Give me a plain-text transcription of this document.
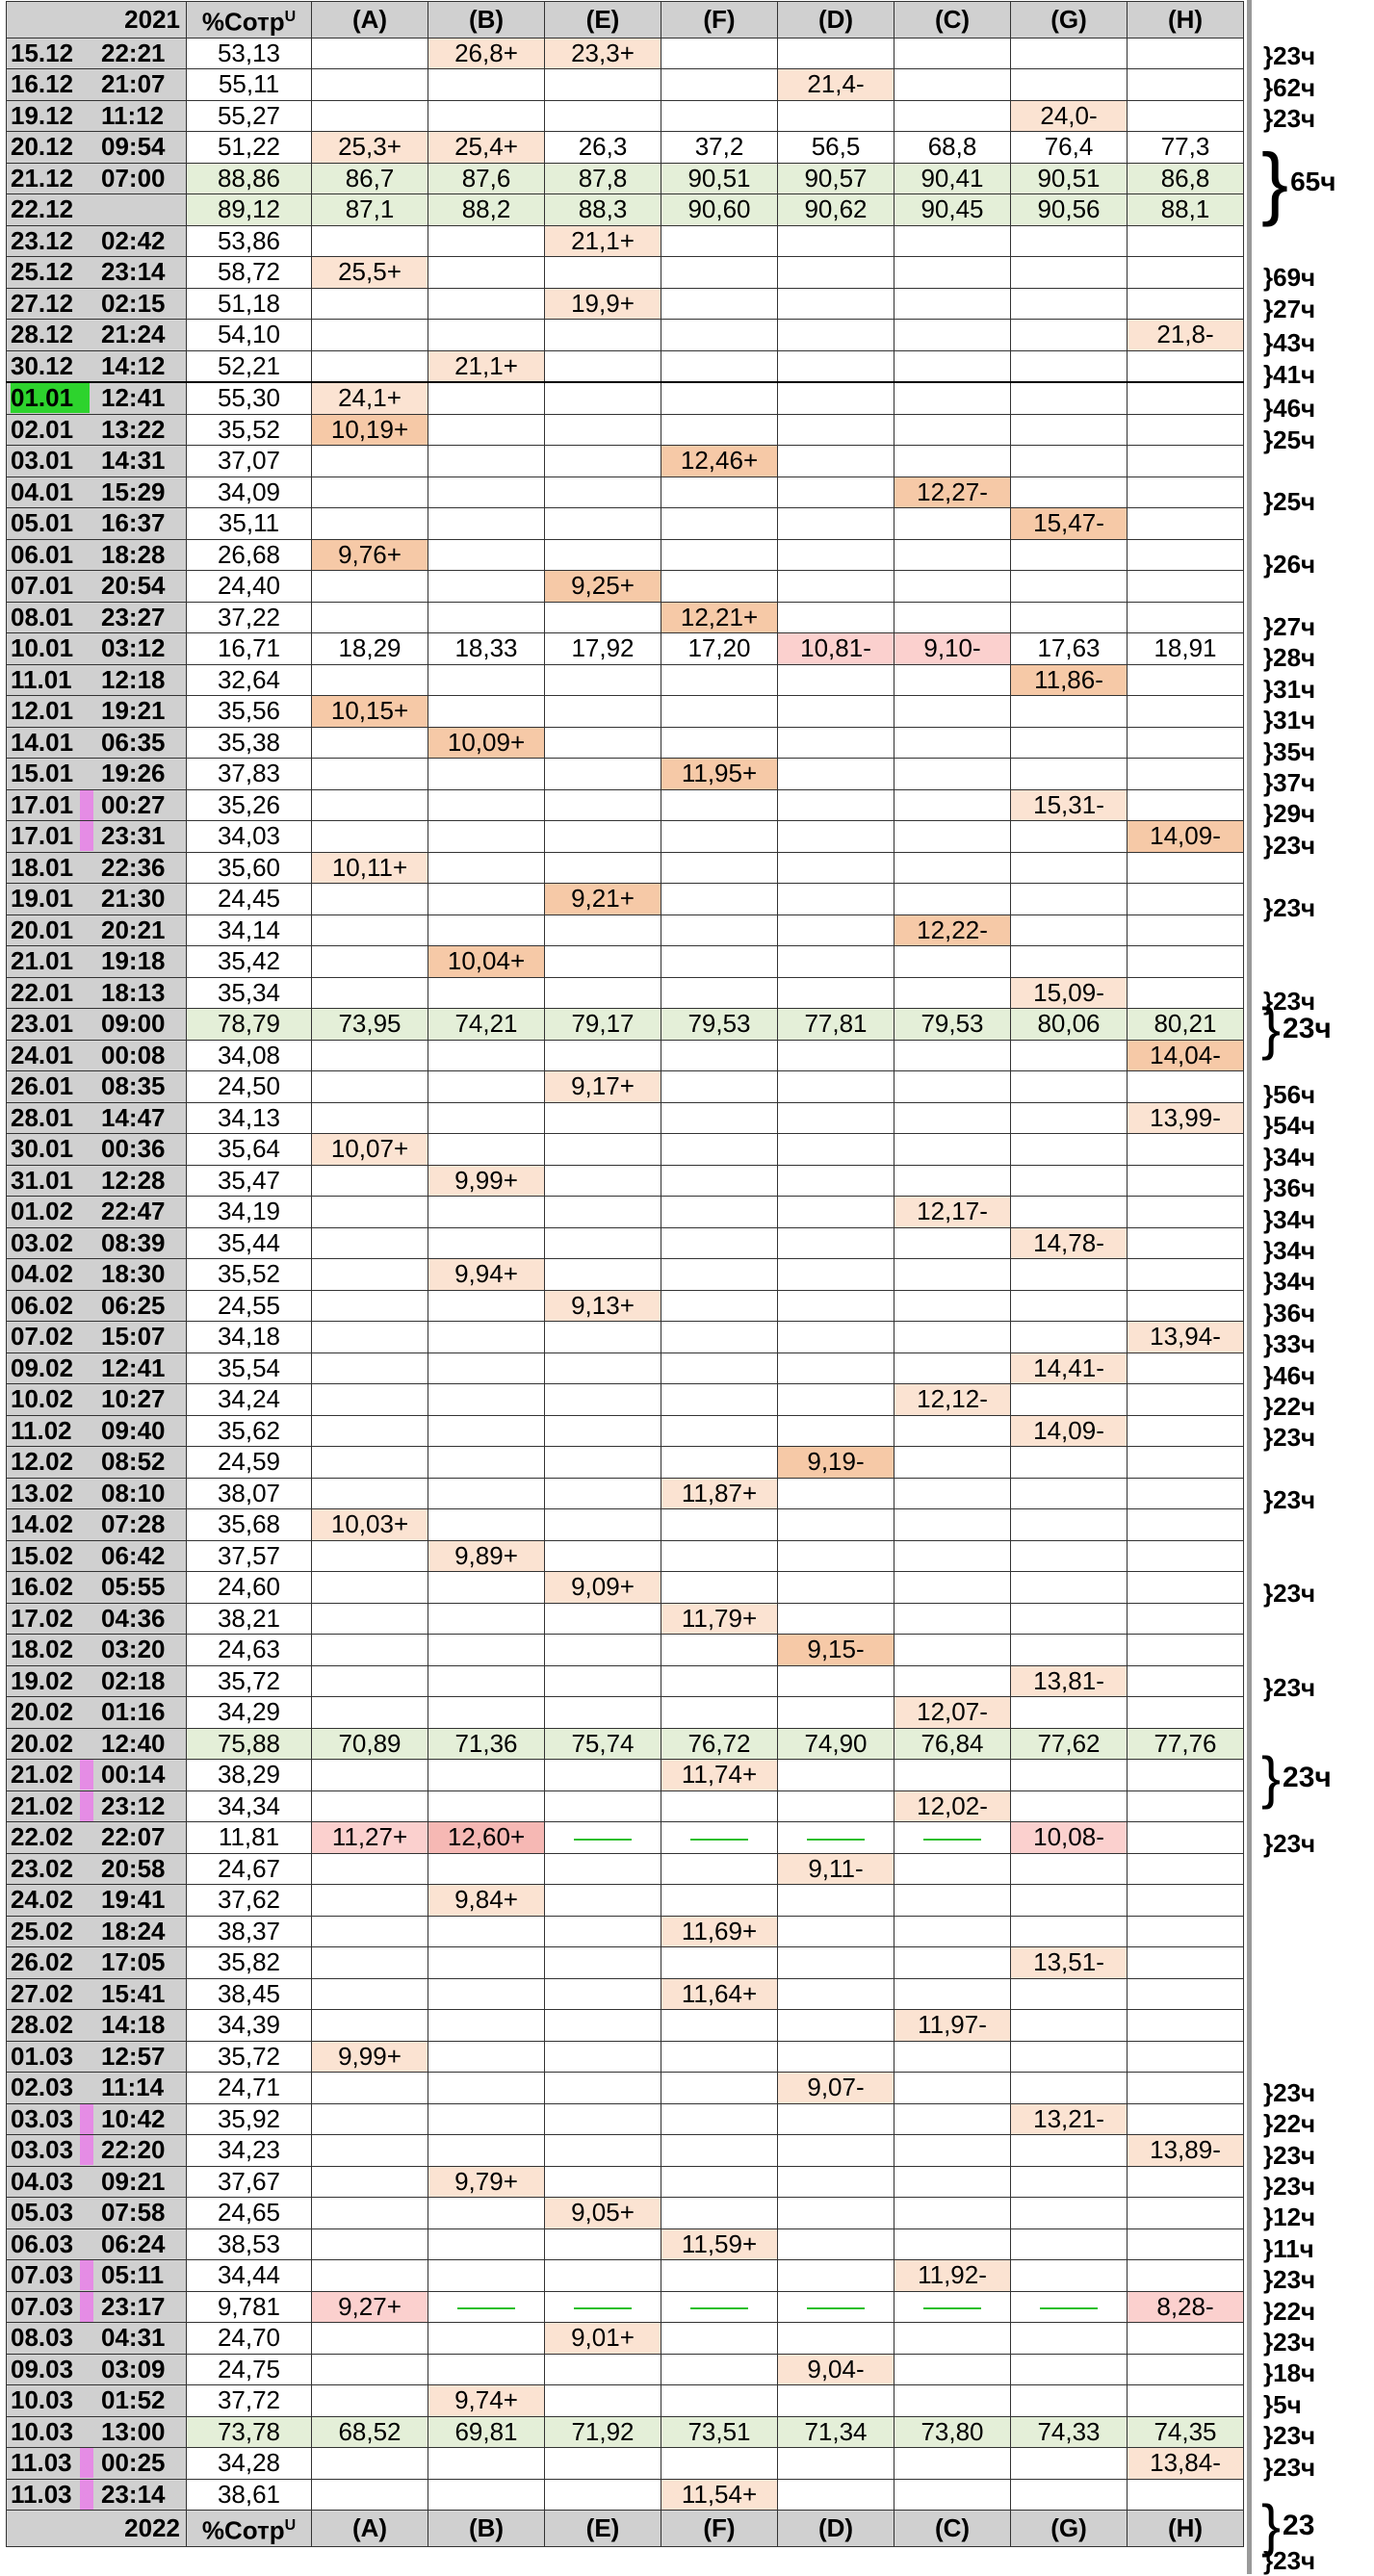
2021	%Сотр$^U$	(A)	(B)	(E)	(F)	(D)	(C)	(G)	(H)
15.12 22:21	53,13		26,8+	23,3+					
16.12 21:07	55,11					21,4-			
19.12 11:12	55,27							24,0-	
20.12 09:54	51,22	25,3+	25,4+	26,3	37,2	56,5	68,8	76,4	77,3
21.12 07:00	88,86	86,7	87,6	87,8	90,51	90,57	90,41	90,51	86,8
22.12	89,12	87,1	88,2	88,3	90,60	90,62	90,45	90,56	88,1
23.12 02:42	53,86			21,1+					
25.12 23:14	58,72	25,5+							
27.12 02:15	51,18			19,9+					
28.12 21:24	54,10								21,8-
30.12 14:12	52,21		21,1+						
01.01 12:41	55,30	24,1+							
02.01 13:22	35,52	10,19+							
03.01 14:31	37,07				12,46+				
04.01 15:29	34,09						12,27-		
05.01 16:37	35,11							15,47-	
06.01 18:28	26,68	9,76+							
07.01 20:54	24,40			9,25+					
08.01 23:27	37,22				12,21+				
10.01 03:12	16,71	18,29	18,33	17,92	17,20	10,81-	9,10-	17,63	18,91
11.01 12:18	32,64							11,86-	
12.01 19:21	35,56	10,15+							
14.01 06:35	35,38		10,09+						
15.01 19:26	37,83				11,95+				
17.01 00:27	35,26							15,31-	
17.01 23:31	34,03								14,09-
18.01 22:36	35,60	10,11+							
19.01 21:30	24,45			9,21+					
20.01 20:21	34,14						12,22-		
21.01 19:18	35,42		10,04+						
22.01 18:13	35,34							15,09-	
23.01 09:00	78,79	73,95	74,21	79,17	79,53	77,81	79,53	80,06	80,21
24.01 00:08	34,08								14,04-
26.01 08:35	24,50			9,17+					
28.01 14:47	34,13								13,99-
30.01 00:36	35,64	10,07+							
31.01 12:28	35,47		9,99+						
01.02 22:47	34,19						12,17-		
03.02 08:39	35,44							14,78-	
04.02 18:30	35,52		9,94+						
06.02 06:25	24,55			9,13+					
07.02 15:07	34,18								13,94-
09.02 12:41	35,54							14,41-	
10.02 10:27	34,24						12,12-		
11.02 09:40	35,62							14,09-	
12.02 08:52	24,59					9,19-			
13.02 08:10	38,07				11,87+				
14.02 07:28	35,68	10,03+							
15.02 06:42	37,57		9,89+						
16.02 05:55	24,60			9,09+					
17.02 04:36	38,21				11,79+				
18.02 03:20	24,63					9,15-			
19.02 02:18	35,72							13,81-	
20.02 01:16	34,29						12,07-		
20.02 12:40	75,88	70,89	71,36	75,74	76,72	74,90	76,84	77,62	77,76
21.02 00:14	38,29				11,74+				
21.02 23:12	34,34						12,02-		
22.02 22:07	11,81	11,27+	12,60+					10,08-	
23.02 20:58	24,67					9,11-			
24.02 19:41	37,62		9,84+						
25.02 18:24	38,37				11,69+				
26.02 17:05	35,82							13,51-	
27.02 15:41	38,45				11,64+				
28.02 14:18	34,39						11,97-		
01.03 12:57	35,72	9,99+							
02.03 11:14	24,71					9,07-			
03.03 10:42	35,92							13,21-	
03.03 22:20	34,23								13,89-
04.03 09:21	37,67		9,79+						
05.03 07:58	24,65			9,05+					
06.03 06:24	38,53				11,59+				
07.03 05:11	34,44						11,92-		
07.03 23:17	9,781	9,27+							8,28-
08.03 04:31	24,70			9,01+					
09.03 03:09	24,75					9,04-			
10.03 01:52	37,72		9,74+						
10.03 13:00	73,78	68,52	69,81	71,92	73,51	71,34	73,80	74,33	74,35
11.03 00:25	34,28								13,84-
11.03 23:14	38,61				11,54+				
2022	%Сотр$^U$	(A)	(B)	(E)	(F)	(D)	(C)	(G)	(H)
}23ч
}62ч
}23ч
}69ч
}27ч
}43ч
}41ч
}46ч
}25ч
}25ч
}26ч
}27ч
}28ч
}31ч
}31ч
}35ч
}37ч
}29ч
}23ч
}23ч
}23ч
}56ч
}54ч
}34ч
}36ч
}34ч
}34ч
}34ч
}36ч
}33ч
}46ч
}22ч
}23ч
}23ч
}23ч
}23ч
}23ч
}23ч
}22ч
}23ч
}23ч
}12ч
}11ч
}23ч
}22ч
}23ч
}18ч
}5ч
}23ч
}23ч
}23ч
} 65ч
} 23ч
} 23ч
} 23
